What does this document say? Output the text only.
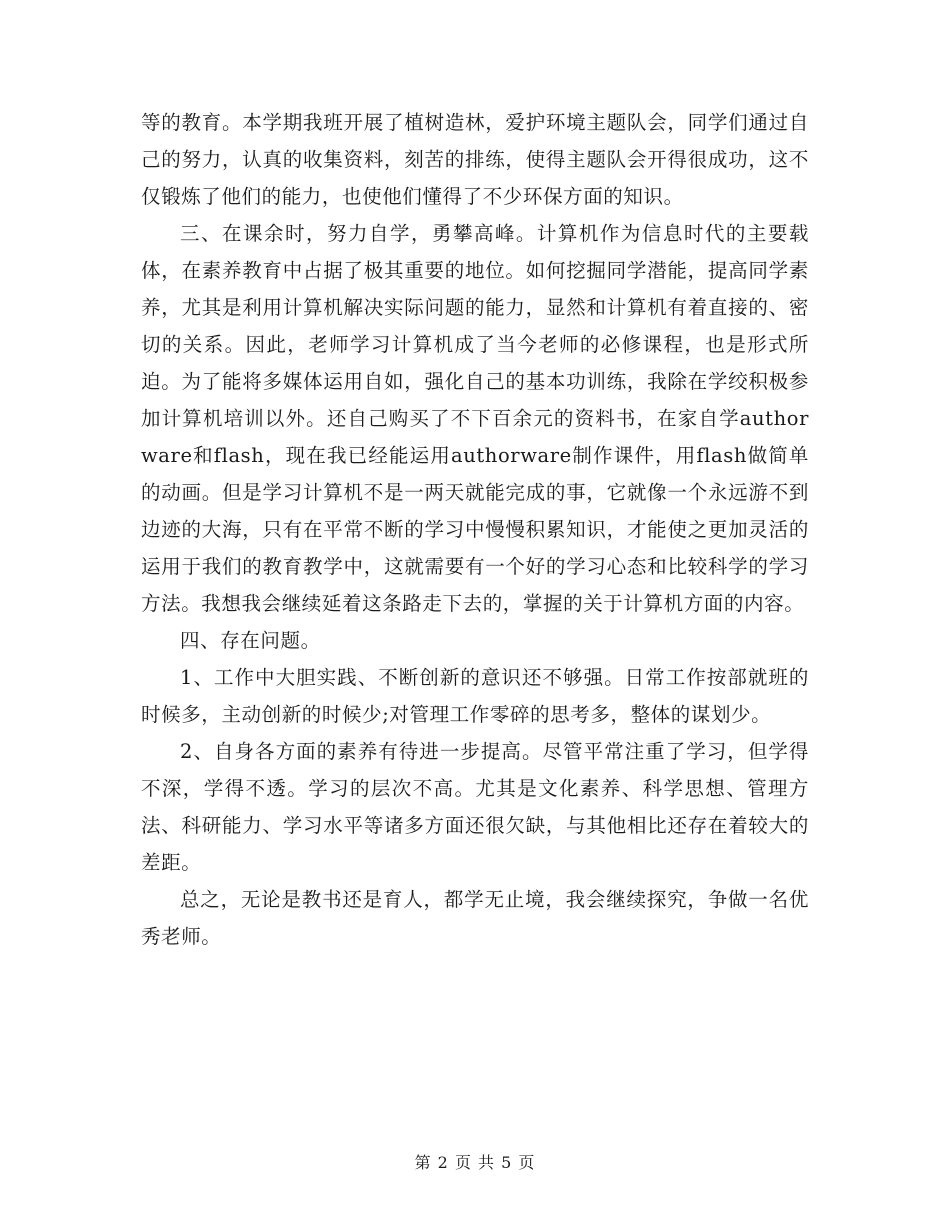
等的教育。本学期我班开展了植树造林，爱护环境主题队会，同学们通过自己的努力，认真的收集资料，刻苦的排练，使得主题队会开得很成功，这不仅锻炼了他们的能力，也使他们懂得了不少环保方面的知识。

三、在课余时，努力自学，勇攀高峰。计算机作为信息时代的主要载体，在素养教育中占据了极其重要的地位。如何挖掘同学潜能，提高同学素养，尤其是利用计算机解决实际问题的能力，显然和计算机有着直接的、密切的关系。因此，老师学习计算机成了当今老师的必修课程，也是形式所迫。为了能将多媒体运用自如，强化自己的基本功训练，我除在学绞积极参加计算机培训以外。还自己购买了不下百余元的资料书，在家自学authorware和flash，现在我已经能运用authorware制作课件，用flash做简单的动画。但是学习计算机不是一两天就能完成的事，它就像一个永远游不到边迹的大海，只有在平常不断的学习中慢慢积累知识，才能使之更加灵活的运用于我们的教育教学中，这就需要有一个好的学习心态和比较科学的学习方法。我想我会继续延着这条路走下去的，掌握的关于计算机方面的内容。

四、存在问题。

1、工作中大胆实践、不断创新的意识还不够强。日常工作按部就班的时候多，主动创新的时候少;对管理工作零碎的思考多，整体的谋划少。

2、自身各方面的素养有待进一步提高。尽管平常注重了学习，但学得不深，学得不透。学习的层次不高。尤其是文化素养、科学思想、管理方法、科研能力、学习水平等诸多方面还很欠缺，与其他相比还存在着较大的差距。

总之，无论是教书还是育人，都学无止境，我会继续探究，争做一名优秀老师。

第 2 页 共 5 页
